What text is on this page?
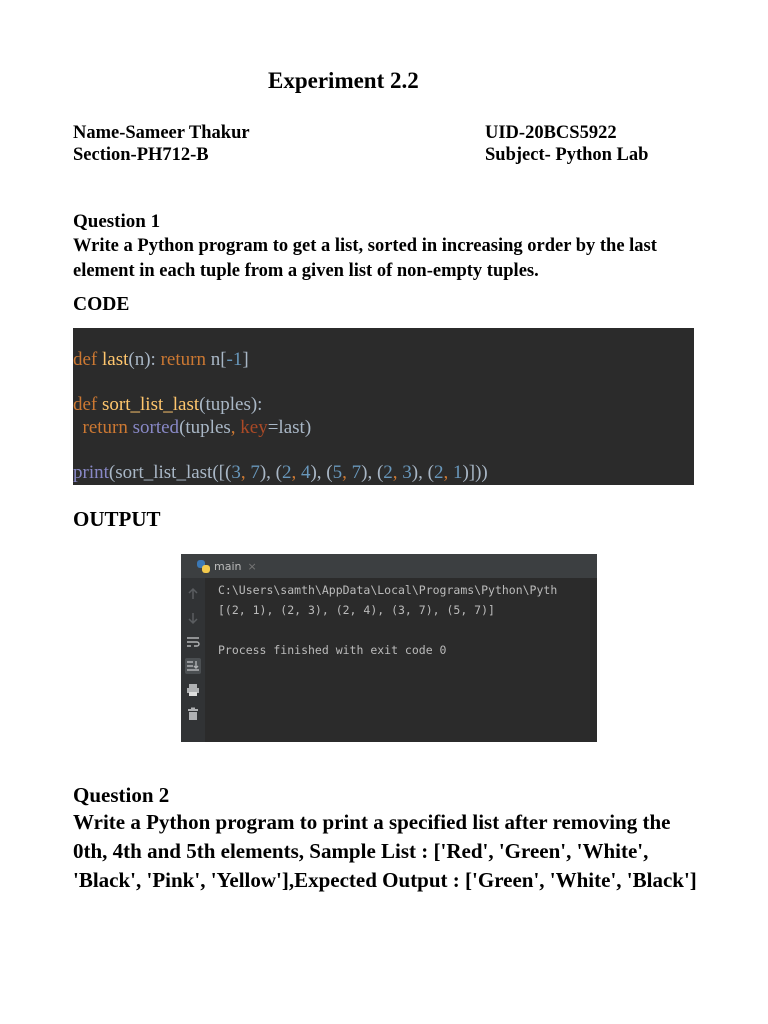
Experiment 2.2
Name-Sameer Thakur
Section-PH712-B
UID-20BCS5922
Subject- Python Lab
Question 1
Write a Python program to get a list, sorted in increasing order by the last element in each tuple from a given list of non-empty tuples.
CODE
def last(n): return n[-1]
def sort_list_last(tuples):
return sorted(tuples, key=last)
print(sort_list_last([(3, 7), (2, 4), (5, 7), (2, 3), (2, 1)]))
OUTPUT
main ×
C:\Users\samth\AppData\Local\Programs\Python\Pyth
[(2, 1), (2, 3), (2, 4), (3, 7), (5, 7)]
Process finished with exit code 0
Question 2
Write a Python program to print a specified list after removing the 0th, 4th and 5th elements, Sample List : ['Red', 'Green', 'White', 'Black', 'Pink', 'Yellow'],Expected Output : ['Green', 'White', 'Black']
